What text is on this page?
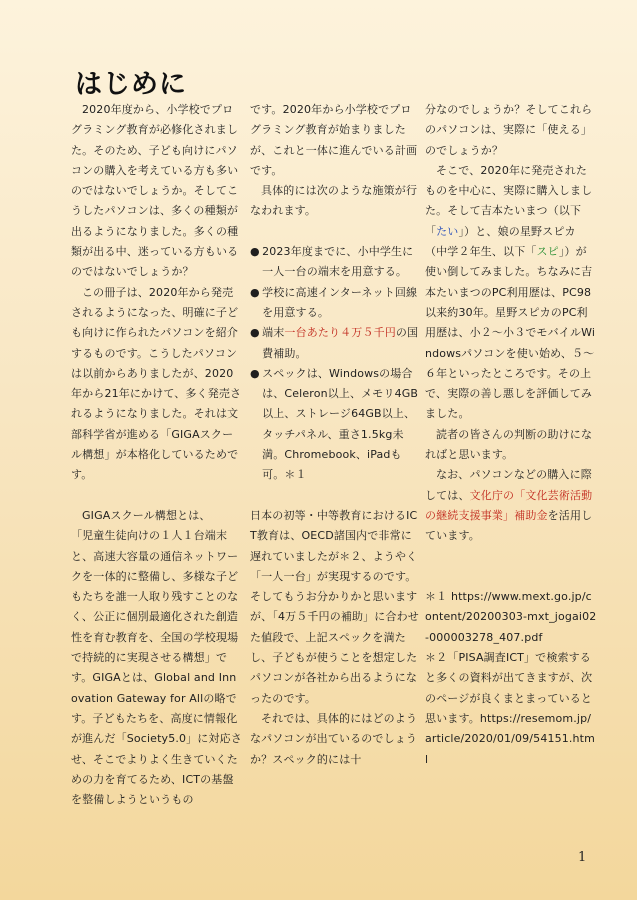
はじめに

2020年度から、小学校でプログラミング教育が必修化されました。そのため、子ども向けにパソコンの購入を考えている方も多いのではないでしょうか。そしてこうしたパソコンは、多くの種類が出るようになりました。多くの種類が出る中、迷っている方もいるのではないでしょうか？

この冊子は、2020年から発売されるようになった、明確に子ども向けに作られたパソコンを紹介するものです。こうしたパソコンは以前からありましたが、2020年から21年にかけて、多く発売されるようになりました。それは文部科学省が進める「GIGAスクール構想」が本格化しているためです。

GIGAスクール構想とは、

「児童生徒向けの１人１台端末と、高速大容量の通信ネットワークを一体的に整備し、多様な子どもたちを誰一人取り残すことのなく、公正に個別最適化された創造性を育む教育を、全国の学校現場で持続的に実現させる構想」です。GIGAとは、Global and Innovation Gateway for Allの略です。子どもたちを、高度に情報化が進んだ「Society5.0」に対応させ、そこでよりよく生きていくための力を育てるため、ICTの基盤を整備しようというもの

です。2020年から小学校でプログラミング教育が始まりましたが、これと一体に進んでいる計画です。

具体的には次のような施策が行なわれます。

● 2023年度までに、小中学生に一人一台の端末を用意する。
● 学校に高速インターネット回線を用意する。
● 端末一台あたり４万５千円の国費補助。
● スペックは、Windowsの場合は、Celeron以上、メモリ4GB以上、ストレージ64GB以上、タッチパネル、重さ1.5kg未満。Chromebook、iPadも可。＊１

日本の初等・中等教育におけるICT教育は、OECD諸国内で非常に遅れていましたが＊２、ようやく「一人一台」が実現するのです。そしてもうお分かりかと思いますが、「4万５千円の補助」に合わせた値段で、上記スペックを満たし、子どもが使うことを想定したパソコンが各社から出るようになったのです。

それでは、具体的にはどのようなパソコンが出ているのでしょうか？スペック的には十

分なのでしょうか？そしてこれらのパソコンは、実際に「使える」のでしょうか？

そこで、2020年に発売されたものを中心に、実際に購入しました。そして吉本たいまつ（以下「たい」）と、娘の星野スピカ（中学２年生、以下「スピ」）が使い倒してみました。ちなみに吉本たいまつのPC利用歴は、PC98以来約30年。星野スピカのPC利用歴は、小２～小３でモバイルWindowsパソコンを使い始め、５～６年といったところです。その上で、実際の善し悪しを評価してみました。

読者の皆さんの判断の助けになればと思います。

なお、パソコンなどの購入に際しては、文化庁の「文化芸術活動の継続支援事業」補助金を活用しています。

＊１ https://www.mext.go.jp/content/20200303-mxt_jogai02-000003278_407.pdf

＊２「PISA調査ICT」で検索すると多くの資料が出てきますが、次のページが良くまとまっていると思います。https://resemom.jp/article/2020/01/09/54151.html

1
